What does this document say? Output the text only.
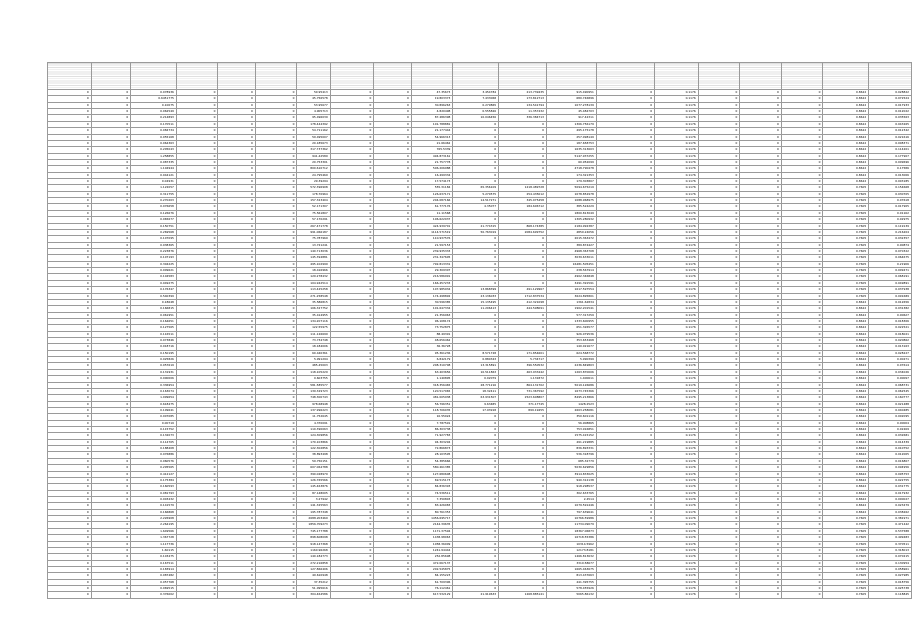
0	0	0.078936	0	0	0	50.95413	0	0	47.35673	3.454784	213.739435	915.490951	0	0.1176	0	0	0	0.8622	0.028822
0	0	0.6451775	0	0	0	45.756578	0	0	19.803373	7.433068	173.812713	680.746896	0	0.1176	0	0	0	0.8622	0.072524
0	0	0.10075	0	0	0	53.95677	0	0	30.896263	0.279865	134.541794	1077.278139	0	0.1176	0	0	0	0.8622	0.017933
0	0	0.062549	0	0	0	4.905713	0	0	4.820498	0.555826	11.357432	45.484703	0	0.1176	0	0	0	0.8622	0.012022
0	0	0.214893	0	0	0	95.496039	0	0	87.486398	10.046456	336.384713	917.42311	0	0.1176	0	0	0	0.8622	0.035563
0	0	0.170511	0	0	0	178.444392	0	0	101.788881	0	0	1306.756179	0	0.1176	0	0	0	0.8622	0.043265
0	0	0.084734	0	0	0	54.711162	0	0	21.177444	0	0	495.175178	0	0.1176	0	0	0	0.8622	0.012342
0	0	0.055168	0	0	0	59.495007	0	0	54.966313	0	0	257.098149	0	0.1176	0	0	0	0.8622	0.021616
0	0	0.064363	0	0	0	20.185673	0	0	21.66462	0	0	187.658753	0	0.1176	0	0	0	0.8622	0.008371
0	0	0.205043	0	0	0	317.737362	0	0	765.5339	0	0	1635.313603	0	0.1176	0	0	0	0.8622	0.114201
0	0	1.258855	0	0	0	941.42589	0	0	494.873161	0	0	5147.937255	0	0.1176	0	0	0	0.8622	0.177907
0	0	0.087335	0	0	0	20.753301	0	0	21.757778	0	0	60.952099	0	0.1176	0	0	0	0.8622	0.009696
0	0	1.104944	0	0	0	800.610712	0	0	506.206988	0	0	4718.790478	0	0.1176	0	0	0	0.8622	0.17586
0	0	0.044121	0	0	0	24.795469	0	0	16.499334	0	0	174.321353	0	0.1176	0	0	0	0.8622	0.013006
0	0	0.04931	0	0	0	29.39294	0	0	17.574173	0	0	179.303807	0	0.1176	0	0	0	0.8622	0.003185
0	0	1.122057	0	0	0	572.396908	0	0	555.31184	65.356109	1218.489728	5094.675219	0	0.1176	0	0	0	0.7605	0.154668
0	0	0.311755	0	0	0	178.70964	0	0	126.637171	5.270575	254.435012	1078.852978	0	0.1176	0	0	0	0.7605	0.030705
0	0	0.270203	0	0	0	157.323404	0	0	204.087166	14.517271	345.075458	1088.968975	0	0.1176	0	0	0	0.7605	0.07618
0	0	0.076658	0	0	0	52.171307	0	0	61.777176	4.35077	184.606712	385.524229	0	0.1176	0	0	0	0.7605	0.017905
0	0	0.126676	0	0	0	75.561807	0	0	11.11568	0	0	1800.813049	0	0.1176	0	0	0	0.7605	0.01162
0	0	0.065677	0	0	0	57.170291	0	0	106.622037	0	0	1305.280932	0	0.1176	0	0	0	0.7605	0.02975
0	0	0.150751	0	0	0	267.471778	0	0	424.939701	21.774315	868.174385	2184.992387	0	0.1176	0	0	0	0.7605	0.119139
0	0	0.269568	0	0	0	991.066187	0	0	1114.571519	50.763019	2084.699752	4859.24056	0	0.1176	0	0	0	0.7605	0.216204
0	0	0.107095	0	0	0	75.787969	0	0	110.937576	0	0	2015.363472	0	0.1176	0	0	0	0.7605	0.032357
0	0	0.038365	0	0	0	13.721241	0	0	21.597153	0	0	389.874427	0	0.1176	0	0	0	0.7605	0.00874
0	0	0.223876	0	0	0	140.713036	0	0	239.935333	0	0	4968.363708	0	0.1176	0	0	0	0.7605	0.070322
0	0	0.107193	0	0	0	145.394881	0	0	231.347605	0	0	3039.633011	0	0.1176	0	0	0	0.7605	0.064675
0	0	0.304225	0	0	0	495.102999	0	0	792.813331	0	0	16481.505451	0	0.1176	0	0	0	0.7605	0.21906
0	0	0.009621	0	0	0	18.416966	0	0	29.309307	0	0	238.567914	0	0.1176	0	0	0	0.7605	0.009471
0	0	0.104583	0	0	0	129.278432	0	0	216.586991	0	0	4902.346848	0	0.1176	0	0	0	0.7605	0.068191
0	0	0.049275	0	0	0	104.942514	0	0	166.457233	0	0	3491.391591	0	0.1176	0	0	0	0.7605	0.049891
0	0	0.176347	0	0	0	113.425258	0	0	107.985934	13.868399	491.129967	1617.597554	0	0.1176	0	0	0	0.7605	0.037938
0	0	0.540399	0	0	0	271.258548	0	0	174.498892	23.136033	1712.837534	3624.895801	0	0.1176	0	0	0	0.7605	0.091689
0	0	0.18648	0	0	0	35.586815	0	0	30.596385	15.135495	412.321098	1361.62834	0	0.1176	0	0	0	0.8622	0.012656
0	0	0.166815	0	0	0	106.327752	0	0	101.647334	11.206413	444.598091	1902.201541	0	0.1176	0	0	0	0.8622	0.031382
0	0	0.061951	0	0	0	35.414955	0	0	21.356963	0	0	577.317259	0	0.1176	0	0	0	0.8622	0.00627
0	0	0.164651	0	0	0	134.207116	0	0	96.108174	0	0	1333.600955	0	0.1176	0	0	0	0.8622	0.018306
0	0	0.127565	0	0	0	122.55975	0	0	73.752875	0	0	651.326577	0	0.1176	0	0	0	0.8622	0.022521
0	0	0.116511	0	0	0	111.126699	0	0	88.49391	0	0	926.079536	0	0.1176	0	0	0	0.8622	0.018021
0	0	0.073846	0	0	0	73.734748	0	0	48.656462	0	0	353.653468	0	0.1176	0	0	0	0.8622	0.020862
0	0	0.018716	0	0	0	18.184006	0	0	36.36728	0	0	140.021677	0	0.1176	0	0	0	0.8622	0.013163
0	0	0.150195	0	0	0	60.440361	0	0	95.361236	8.571728	171.854601	624.568772	0	0.1176	0	0	0	0.8622	0.028227
0	0	0.025826	0	0	0	5.991294	0	0	6.842179	0.880343	5.734717	5.990399	0	0.1176	0	0	0	0.8622	0.00271
0	0	0.057619	0	0	0	485.45003	0	0	208.310708	13.315891	396.550532	2236.849803	0	0.1176	0	0	0	0.8622	0.07614
0	0	0.131931	0	0	0	118.105229	0	0	63.403656	10.511863	463.933442	1263.870006	0	0.1176	0	0	0	0.8622	0.034026
0	0	0.000006	0	0	0	0.603755	0	0	1.140895	0.02079	1.131872	1.400611	0	0.1176	0	0	0	0.8622	0.00097
0	0	0.336954	0	0	0	581.585577	0	0	318.356465	28.771216	864.131702	5019.126686	0	0.1176	0	0	0	0.8622	0.068731
0	0	0.163074	0	0	0	139.329723	0	0	120.517065	18.32411	731.367592	1673.745366	0	0.1176	0	0	0	0.8622	0.062545
0	0	1.099654	0	0	0	748.300743	0	0	481.005938	63.931507	2523.608807	8495.213866	0	0.1176	0	0	0	0.8622	0.160777
0	0	0.618475	0	0	0	978.68948	0	0	56.796351	9.63485	371.17745	1428.2523	0	0.1176	0	0	0	0.8622	0.021488
0	0	0.109641	0	0	0	137.996223	0	0	118.706035	17.93918	899.19455	2603.258081	0	0.1176	0	0	0	0.8622	0.040485
0	0	0.007085	0	0	0	11.752645	0	0	10.55024	0	0	350.601116	0	0.1176	0	0	0	0.8622	0.002095
0	0	0.00719	0	0	0	4.370091	0	0	7.787591	0	0	56.908865	0	0.1176	0	0	0	0.8622	0.00004
0	0	0.115752	0	0	0	110.390063	0	0	86.303738	0	0	753.916851	0	0.1176	0	0	0	0.8622	0.02269
0	0	0.132073	0	0	0	124.309856	0	0	71.927783	0	0	1575.415152	0	0.1176	0	0	0	0.8622	0.032681
0	0	0.114705	0	0	0	170.103866	0	0	94.303294	0	0	491.219885	0	0.1176	0	0	0	0.8622	0.014339
0	0	0.188408	0	0	0	122.302856	0	0	72.866873	0	0	836.893331	0	0.1176	0	0	0	0.8622	0.010752
0	0	0.076886	0	0	0	38.893498	0	0	28.103595	0	0	536.318796	0	0.1176	0	0	0	0.8622	0.012005
0	0	0.060576	0	0	0	59.750151	0	0	54.385666	0	0	685.32779	0	0.1176	0	0	0	0.8622	0.016807
0	0	0.295565	0	0	0	607.064788	0	0	580.461385	0	0	5030.629856	0	0.1176	0	0	0	0.8622	0.094956
0	0	0.412127	0	0	0	390.028979	0	0	127.680608	0	0	3914.833025	0	0.1176	0	0	0	0.8622	0.095753
0	0	0.175384	0	0	0	126.765566	0	0	69.515173	0	0	940.312138	0	0.1176	0	0	0	0.8622	0.022755
0	0	0.160593	0	0	0	145.463876	0	0	84.836393	0	0	918.298537	0	0.1176	0	0	0	0.8622	0.031775
0	0	0.081793	0	0	0	87.148005	0	0	74.536511	0	0	302.633765	0	0.1176	0	0	0	0.8622	0.017932
0	0	0.003432	0	0	0	3.27942	0	0	7.350803	0	0	2.4514	0	0.1176	0	0	0	0.8622	0.000027
0	0	0.141579	0	0	0	141.325563	0	0	83.426083	0	0	1079.591446	0	0.1176	0	0	0	0.8622	0.023479
0	0	0.166868	0	0	0	195.787348	0	0	80.761353	0	0	797.639641	0	0.1176	0	0	0	0.8622	0.038262
0	0	2.226908	0	0	0	2688.203469	0	0	1456.695717	0	0	10766.59986	0	0.1176	0	0	0	0.7605	0.381971
0	0	2.264195	0	0	0	1856.709273	0	0	2144.39635	0	0	11734.09079	0	0.1176	0	0	0	0.7605	0.471442
0	0	1.649566	0	0	0	745.177788	0	0	1171.37594	0	0	18367.06873	0	0.1176	0	0	0	0.7605	0.537588
0	0	1.367728	0	0	0	898.608098	0	0	1438.98063	0	0	16718.55386	0	0.1176	0	0	0	0.7605	0.499483
0	0	1.117736	0	0	0	918.147368	0	0	1058.36009	0	0	10314.5962	0	0.1176	0	0	0	0.7605	0.370511
0	0	1.60115	0	0	0	1160.96268	0	0	1241.94444	0	0	12173.8181	0	0.1176	0	0	0	0.7605	0.318013
0	0	0.103475	0	0	0	140.184773	0	0	252.85698	0	0	1466.813632	0	0.1176	0	0	0	0.7605	0.070215
0	0	0.167511	0	0	0	272.216858	0	0	472.067137	0	0	3319.58677	0	0.1176	0	0	0	0.7605	0.130954
0	0	0.183914	0	0	0	127.866406	0	0	202.545875	0	0	1665.463675	0	0.1176	0	0	0	0.7605	0.058961
0	0	0.087482	0	0	0	49.610948	0	0	84.155223	0	0	813.437663	0	0.1176	0	0	0	0.7605	0.027985
0	0	0.057768	0	0	0	37.35212	0	0	61.709396	0	0	441.395755	0	0.1176	0	0	0	0.7605	0.018756
0	0	0.069515	0	0	0	51.095616	0	0	76.112461	0	0	578.455926	0	0.1176	0	0	0	0.7605	0.025738
0	0	0.376002	0	0	0	304.464586	0	0	617.532129	21.919633	1268.885141	5065.86132	0	0.1176	0	0	0	0.7605	0.118845
